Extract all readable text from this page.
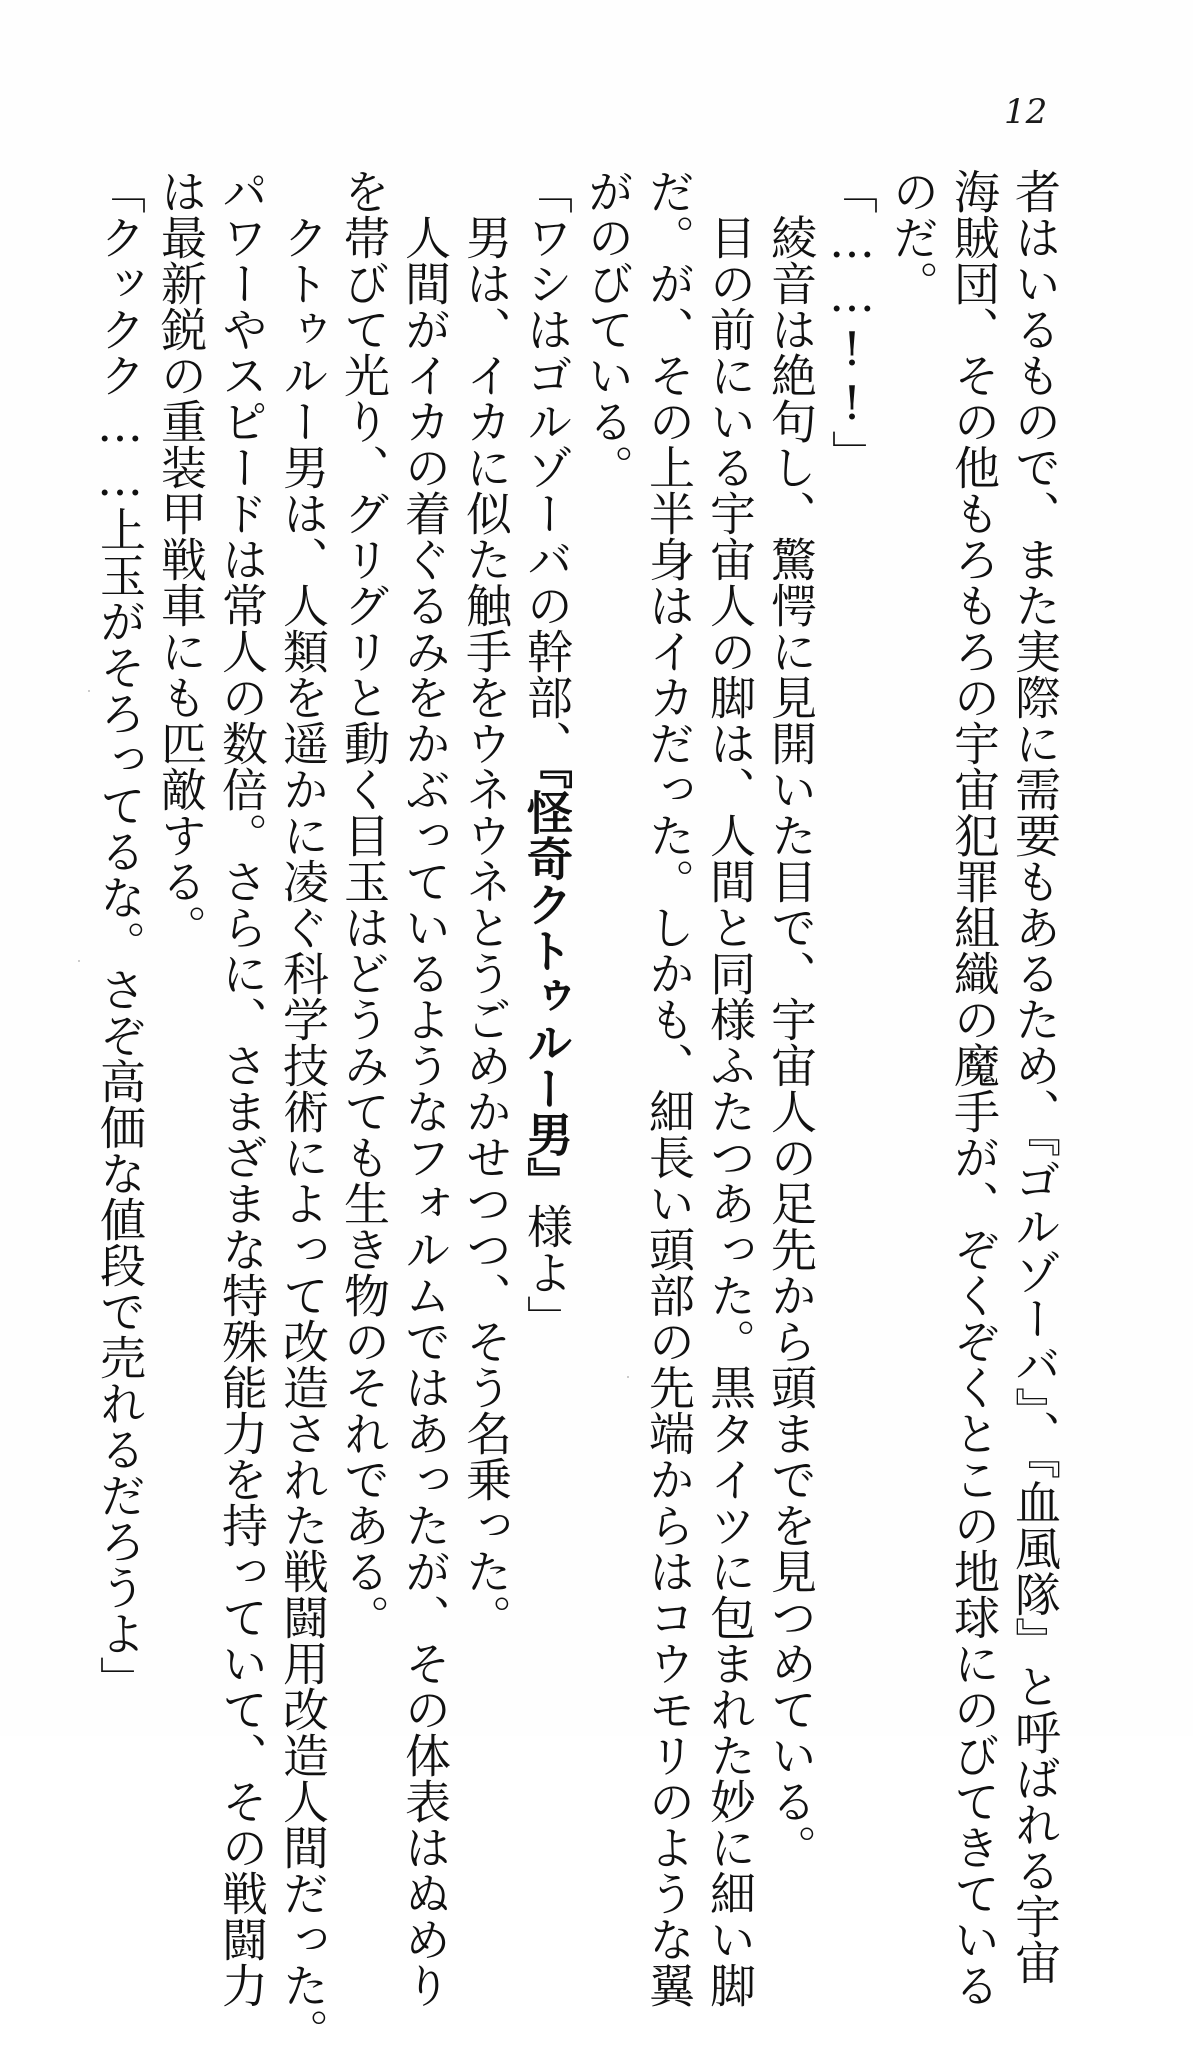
12
者はいるもので、また実際に需要もあるため、『ゴルゾーバ』、『血風隊』と呼ばれる宇宙
海賊団、その他もろもろの宇宙犯罪組織の魔手が、ぞくぞくとこの地球にのびてきている
のだ。
「……!!」
　綾音は絶句し、驚愕に見開いた目で、宇宙人の足先から頭までを見つめている。
　目の前にいる宇宙人の脚は、人間と同様ふたつあった。黒タイツに包まれた妙に細い脚
だ。が、その上半身はイカだった。しかも、細長い頭部の先端からはコウモリのような翼
がのびている。
「ワシはゴルゾーバの幹部、『怪奇クトゥルー男』様よ」
　男は、イカに似た触手をウネウネとうごめかせつつ、そう名乗った。
　人間がイカの着ぐるみをかぶっているようなフォルムではあったが、その体表はぬめり
を帯びて光り、グリグリと動く目玉はどうみても生き物のそれである。
　クトゥルー男は、人類を遥かに凌ぐ科学技術によって改造された戦闘用改造人間だった。
パワーやスピードは常人の数倍。さらに、さまざまな特殊能力を持っていて、その戦闘力
は最新鋭の重装甲戦車にも匹敵する。
「クックク……上玉がそろってるな。さぞ高価な値段で売れるだろうよ」
